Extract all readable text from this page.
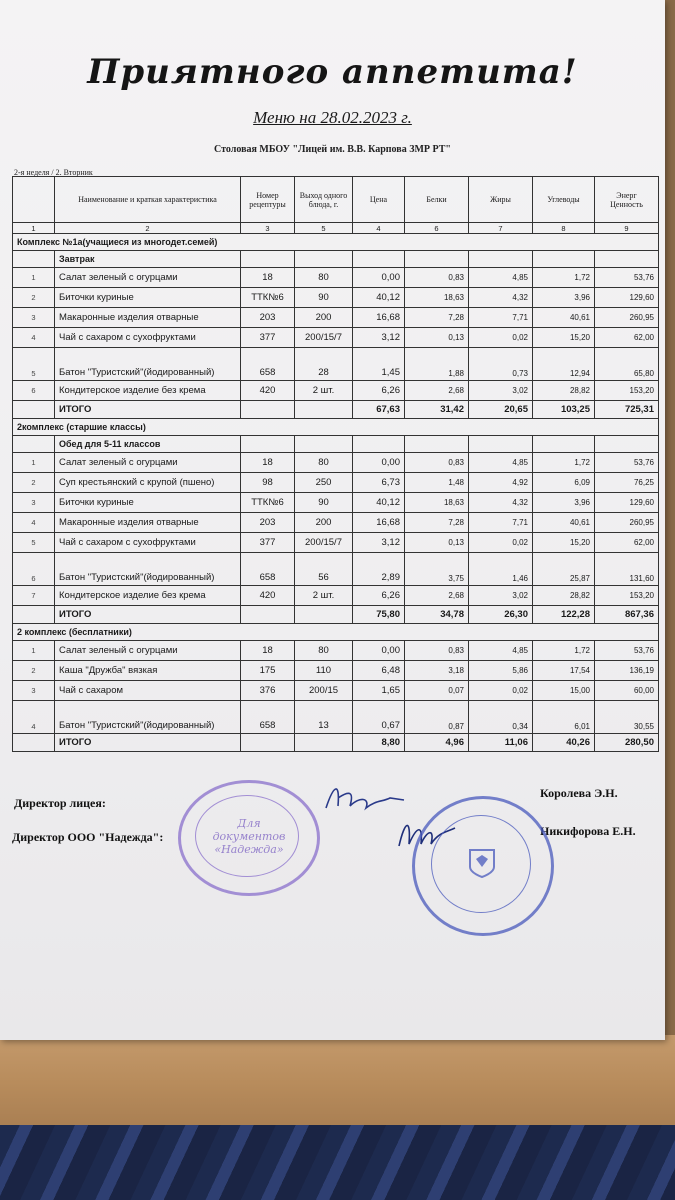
Приятного аппетита!
Меню на 28.02.2023 г.
Столовая МБОУ "Лицей им. В.В. Карпова ЗМР РТ"
2-я неделя / 2. Вторник
	Наименование и краткая характеристика	Номер рецептуры	Выход одного блюда, г.	Цена	Белки	Жиры	Углеводы	Энерг Ценность
1	2	3	5	4	6	7	8	9
Комплекс №1а(учащиеся из многодет.семей)								
	Завтрак							
1	Салат зеленый с огурцами	18	80	0,00	0,83	4,85	1,72	53,76
2	Биточки куриные	ТТК№6	90	40,12	18,63	4,32	3,96	129,60
3	Макаронные изделия отварные	203	200	16,68	7,28	7,71	40,61	260,95
4	Чай с сахаром с сухофруктами	377	200/15/7	3,12	0,13	0,02	15,20	62,00
5	Батон "Туристский"(йодированный)	658	28	1,45	1,88	0,73	12,94	65,80
6	Кондитерское изделие без крема	420	2 шт.	6,26	2,68	3,02	28,82	153,20
	ИТОГО			67,63	31,42	20,65	103,25	725,31
2комплекс (старшие классы)								
	Обед для 5-11 классов							
1	Салат зеленый с огурцами	18	80	0,00	0,83	4,85	1,72	53,76
2	Суп крестьянский с крупой (пшено)	98	250	6,73	1,48	4,92	6,09	76,25
3	Биточки куриные	ТТК№6	90	40,12	18,63	4,32	3,96	129,60
4	Макаронные изделия отварные	203	200	16,68	7,28	7,71	40,61	260,95
5	Чай с сахаром с сухофруктами	377	200/15/7	3,12	0,13	0,02	15,20	62,00
6	Батон "Туристский"(йодированный)	658	56	2,89	3,75	1,46	25,87	131,60
7	Кондитерское изделие без крема	420	2 шт.	6,26	2,68	3,02	28,82	153,20
	ИТОГО			75,80	34,78	26,30	122,28	867,36
2 комплекс (бесплатники)								
1	Салат зеленый с огурцами	18	80	0,00	0,83	4,85	1,72	53,76
2	Каша "Дружба" вязкая	175	110	6,48	3,18	5,86	17,54	136,19
3	Чай с сахаром	376	200/15	1,65	0,07	0,02	15,00	60,00
4	Батон "Туристский"(йодированный)	658	13	0,67	0,87	0,34	6,01	30,55
	ИТОГО			8,80	4,96	11,06	40,26	280,50
Директор лицея:
Королева Э.Н.
Директор ООО "Надежда":	Никифорова Е.Н.
Для документов «Надежда»
